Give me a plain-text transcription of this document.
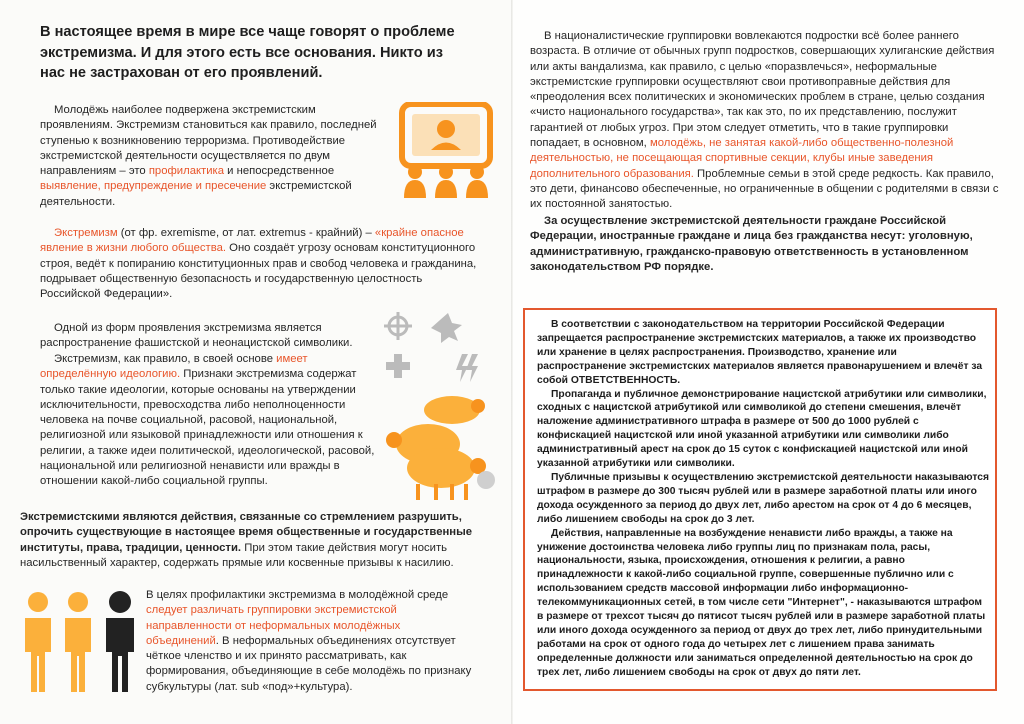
В настоящее время в мире все чаще говорят о проблеме экстремизма. И для этого есть все основания. Никто из нас не застрахован от его проявлений.
Молодёжь наиболее подвержена экстремистским проявлениям. Экстремизм становиться как правило, последней ступенью к возникновению терроризма. Противодействие экстремистской деятельности осуществляется по двум направлениям – это профилактика и непосредственное выявление, предупреждение и пресечение экстремистской деятельности.
Экстремизм (от фр. exremisme, от лат. extremus - крайний) – «крайне опасное явление в жизни любого общества. Оно создаёт угрозу основам конституционного строя, ведёт к попиранию конституционных прав и свобод человека и гражданина, подрывает общественную безопасность и государственную целостность Российской Федерации».
Одной из форм проявления экстремизма является распространение фашистской и неонацистской символики.
Экстремизм, как правило, в своей основе имеет определённую идеологию. Признаки экстремизма содержат только такие идеологии, которые основаны на утверждении исключительности, превосходства либо неполноценности человека на почве социальной, расовой, национальной, религиозной или языковой принадлежности или отношения к религии, а также идеи политической, идеологической, расовой, национальной или религиозной ненависти или вражды в отношении какой-либо социальной группы.
Экстремистскими являются действия, связанные со стремлением разрушить, опрочить существующие в настоящее время общественные и государственные институты, права, традиции, ценности. При этом такие действия могут носить насильственный характер, содержать прямые или косвенные призывы к насилию.
В целях профилактики экстремизма в молодёжной среде следует различать группировки экстремистской направленности от неформальных молодёжных объединений. В неформальных объединениях отсутствует чёткое членство и их принято рассматривать, как формирования, объединяющие в себе молодёжь по признаку субкультуры (лат. sub «под»+культура).
В националистические группировки вовлекаются подростки всё более раннего возраста. В отличие от обычных групп подростков, совершающих хулиганские действия или акты вандализма, как правило, с целью «поразвлечься», неформальные экстремистские группировки осуществляют свои противоправные действия для «преодоления всех политических и экономических проблем в стране, целью создания «чисто национального государства», так как это, по их представлению, послужит гарантией от любых угроз. При этом следует отметить, что в такие группировки попадает, в основном, молодёжь, не занятая какой-либо общественно-полезной деятельностью, не посещающая спортивные секции, клубы иные заведения дополнительного образования. Проблемные семьи в этой среде редкость. Как правило, это дети, финансово обеспеченные, но ограниченные в общении с родителями в связи с их постоянной занятостью.
За осуществление экстремистской деятельности граждане Российской Федерации, иностранные граждане и лица без гражданства несут: уголовную, административную, гражданско-правовую ответственность в установленном законодательством РФ порядке.

В соответствии с законодательством на территории Российской Федерации запрещается распространение экстремистских материалов, а также их производство или хранение в целях распространения. Производство, хранение или распространение экстремистских материалов является правонарушением и влечёт за собой ОТВЕТСТВЕННОСТЬ.

Пропаганда и публичное демонстрирование нацистской атрибутики или символики, сходных с нацистской атрибутикой или символикой до степени смешения, влечёт наложение административного штрафа в размере от 500 до 1000 рублей с конфискацией нацистской или иной указанной атрибутики или символики либо административный арест на срок до 15 суток с конфискацией нацистской или иной указанной атрибутики или символики.

Публичные призывы к осуществлению экстремистской деятельности наказываются штрафом в размере до 300 тысяч рублей или в размере заработной платы или иного дохода осужденного за период до двух лет, либо арестом на срок от 4 до 6 месяцев, либо лишением свободы на срок до 3 лет.

Действия, направленные на возбуждение ненависти либо вражды, а также на унижение достоинства человека либо группы лиц по признакам пола, расы, национальности, языка, происхождения, отношения к религии, а равно принадлежности к какой-либо социальной группе, совершенные публично или с использованием средств массовой информации либо информационно-телекоммуникационных сетей, в том числе сети "Интернет", - наказываются штрафом в размере от трехсот тысяч до пятисот тысяч рублей или в размере заработной платы или иного дохода осужденного за период от двух до трех лет, либо принудительными работами на срок от одного года до четырех лет с лишением права занимать определенные должности или заниматься определенной деятельностью на срок до трех лет, либо лишением свободы на срок от двух до пяти лет.
